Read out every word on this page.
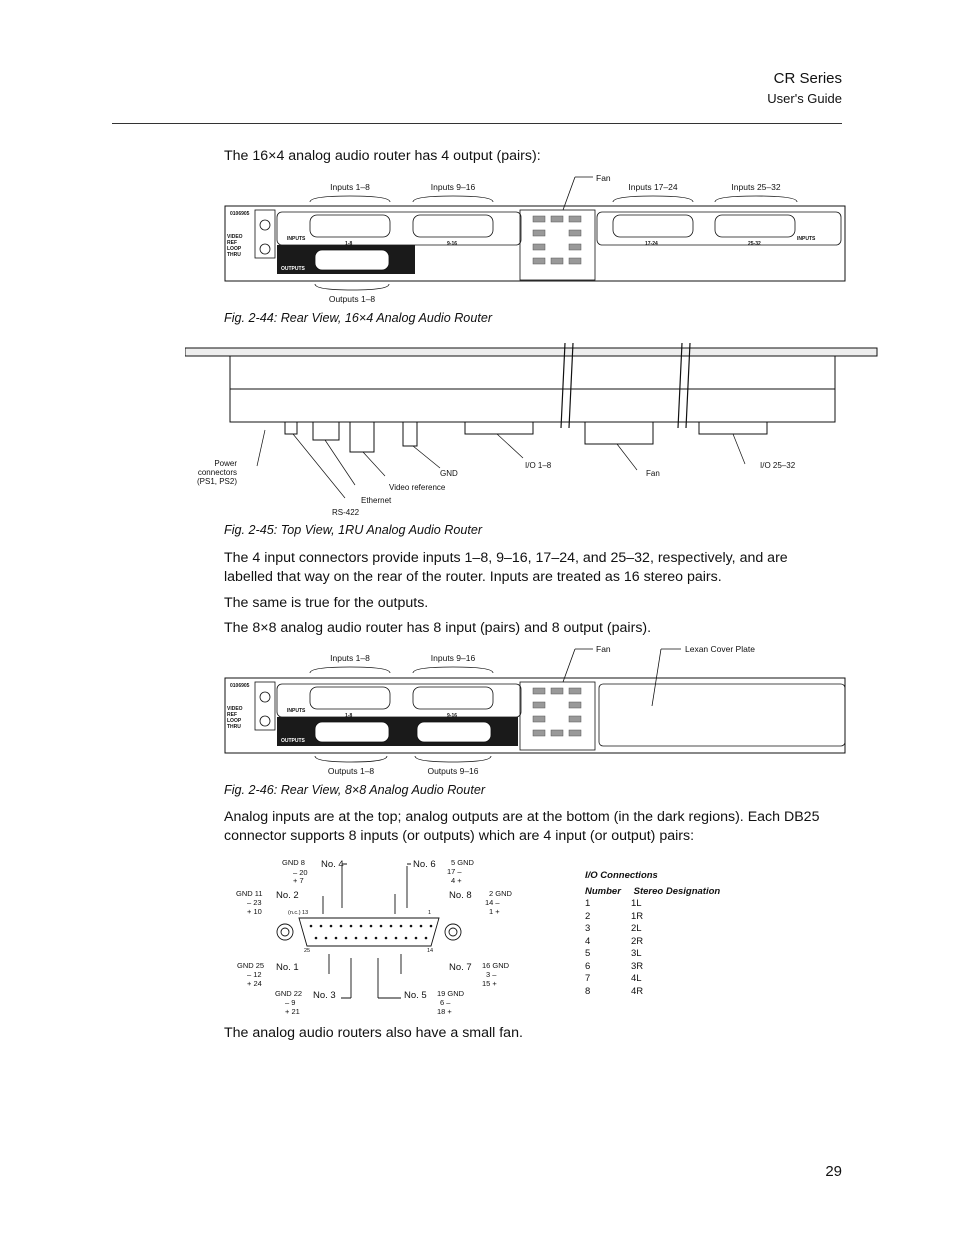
CR Series
User's Guide
The 16×4 analog audio router has 4 output (pairs):
Inputs 1–8	Inputs 9–16
Fan
Inputs 17–24	Inputs 25–32
Outputs 1–8
0106905
VIDEO
REF
LOOP
THRU
INPUTS	INPUTS
1-8	9-16	17-24	25-32
OUTPUTS
Fig. 2-44: Rear View, 16×4 Analog Audio Router
Power
connectors
(PS1, PS2)
GND
I/O 1–8
Fan
I/O 25–32
Video reference
Ethernet
RS-422
Fig. 2-45: Top View, 1RU Analog Audio Router
The 4 input connectors provide inputs 1–8, 9–16, 17–24, and 25–32, respectively, and are labelled that way on the rear of the router. Inputs are treated as 16 stereo pairs.
The same is true for the outputs.
The 8×8 analog audio router has 8 input (pairs) and 8 output (pairs).
Inputs 1–8	Inputs 9–16
Fan	Lexan Cover Plate
Outputs 1–8	Outputs 9–16
0106905
VIDEO
REF
LOOP
THRU
INPUTS
1-8	9-16
OUTPUTS
Fig. 2-46: Rear View, 8×8 Analog Audio Router
Analog inputs are at the top; analog outputs are at the bottom (in the dark regions). Each DB25 connector supports 8 inputs (or outputs) which are 4 input (or output) pairs:
No. 4	No. 6
No. 2	No. 8
No. 1	No. 7
No. 3	No. 5
GND 8
– 20
+ 7
5 GND
17 –
4 +
GND 11
– 23
+ 10
2 GND
14 –
1 +
GND 25
– 12
+ 24
16 GND
3 –
15 +
GND 22
– 9
+ 21
19 GND
6 –
18 +
(n.c.) 13	1
25	14
I/O Connections
Number Stereo Designation
1	1L
2	1R
3	2L
4	2R
5	3L
6	3R
7	4L
8	4R
The analog audio routers also have a small fan.
29
